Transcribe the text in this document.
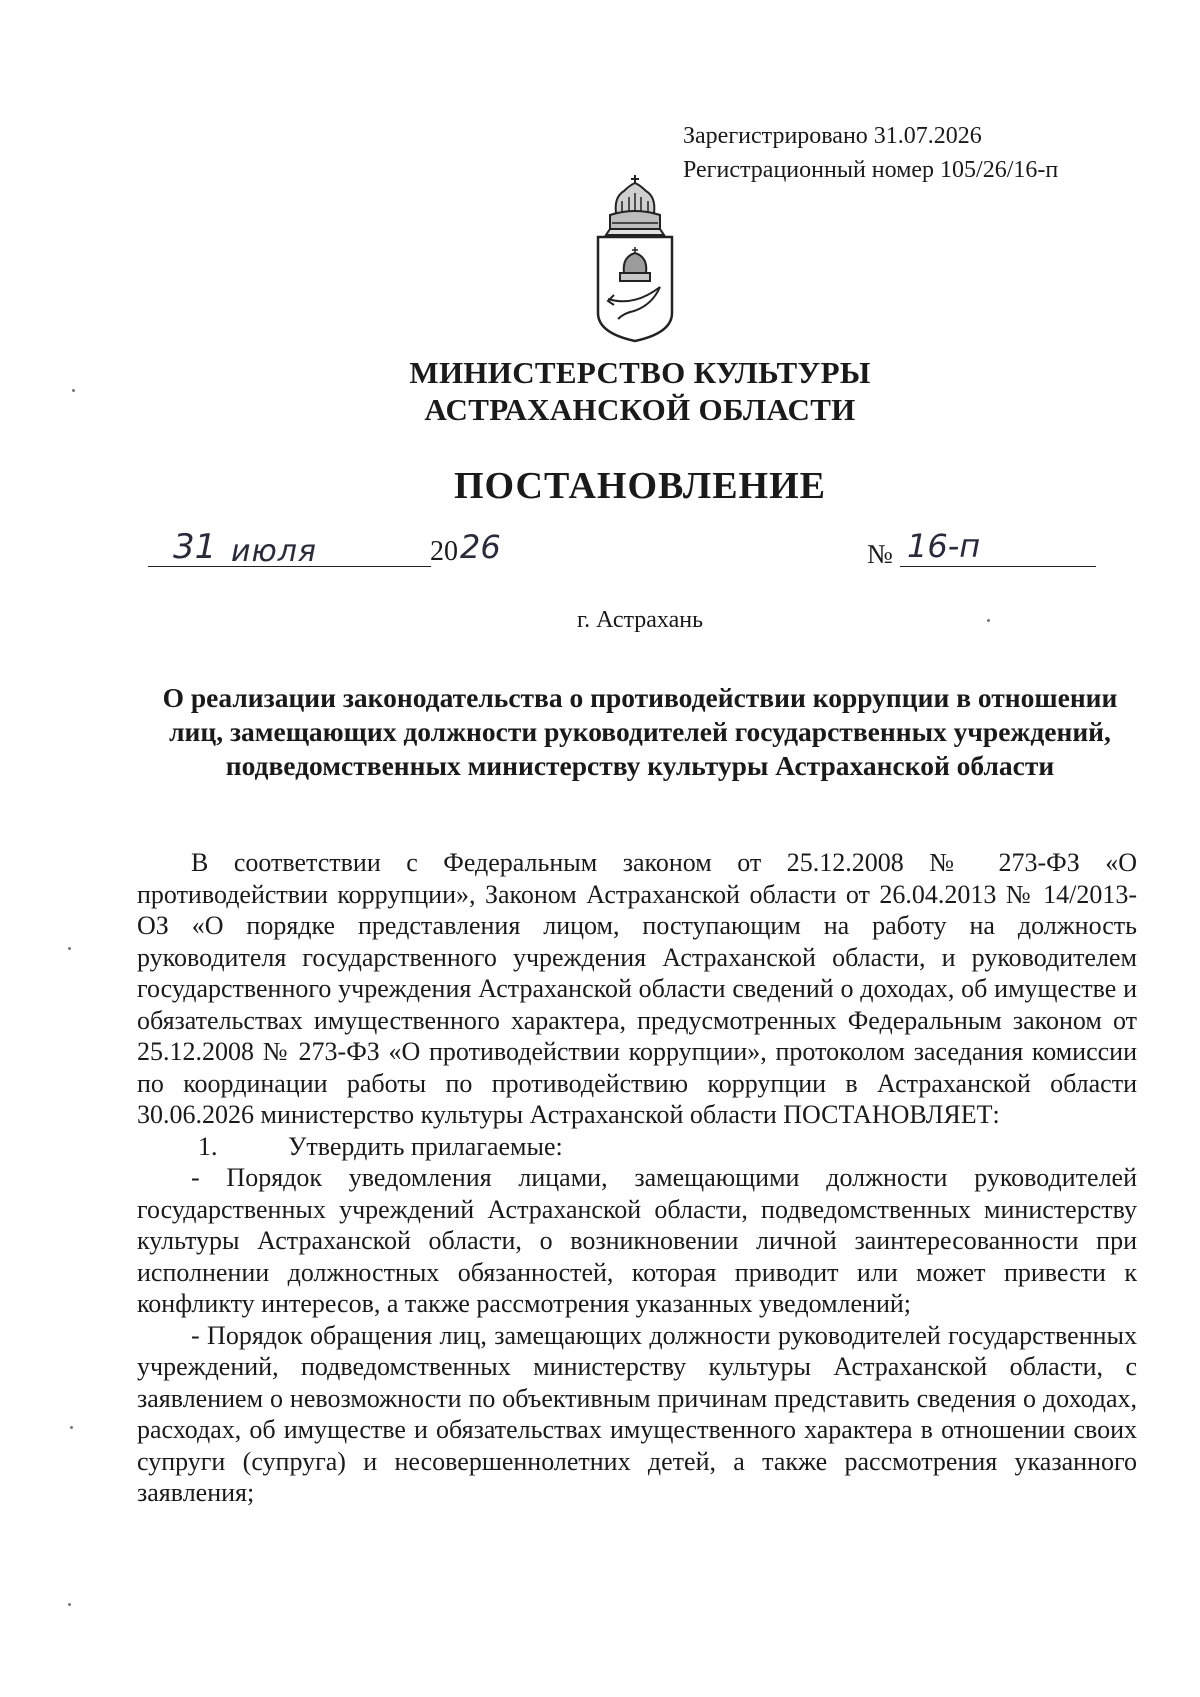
Зарегистрировано 31.07.2026
Регистрационный номер 105/26/16-п
МИНИСТЕРСТВО КУЛЬТУРЫ
АСТРАХАНСКОЙ ОБЛАСТИ
ПОСТАНОВЛЕНИЕ
31 июля	20 26	№ 16-п
г. Астрахань
О реализации законодательства о противодействии коррупции в отношении
лиц, замещающих должности руководителей государственных учреждений,
подведомственных министерству культуры Астраханской области

В соответствии с Федеральным законом от 25.12.2008 № 273-ФЗ «О противодействии коррупции», Законом Астраханской области от 26.04.2013 № 14/2013-ОЗ «О порядке представления лицом, поступающим на работу на должность руководителя государственного учреждения Астраханской области, и руководителем государственного учреждения Астраханской области сведений о доходах, об имуществе и обязательствах имущественного характера, предусмотренных Федеральным законом от 25.12.2008 № 273-ФЗ «О противодействии коррупции», протоколом заседания комиссии по координации работы по противодействию коррупции в Астраханской области 30.06.2026 министерство культуры Астраханской области ПОСТАНОВЛЯЕТ:

1.	Утвердить прилагаемые:

- Порядок уведомления лицами, замещающими должности руководителей государственных учреждений Астраханской области, подведомственных министерству культуры Астраханской области, о возникновении личной заинтересованности при исполнении должностных обязанностей, которая приводит или может привести к конфликту интересов, а также рассмотрения указанных уведомлений;

- Порядок обращения лиц, замещающих должности руководителей государственных учреждений, подведомственных министерству культуры Астраханской области, с заявлением о невозможности по объективным причинам представить сведения о доходах, расходах, об имуществе и обязательствах имущественного характера в отношении своих супруги (супруга) и несовершеннолетних детей, а также рассмотрения указанного заявления;
